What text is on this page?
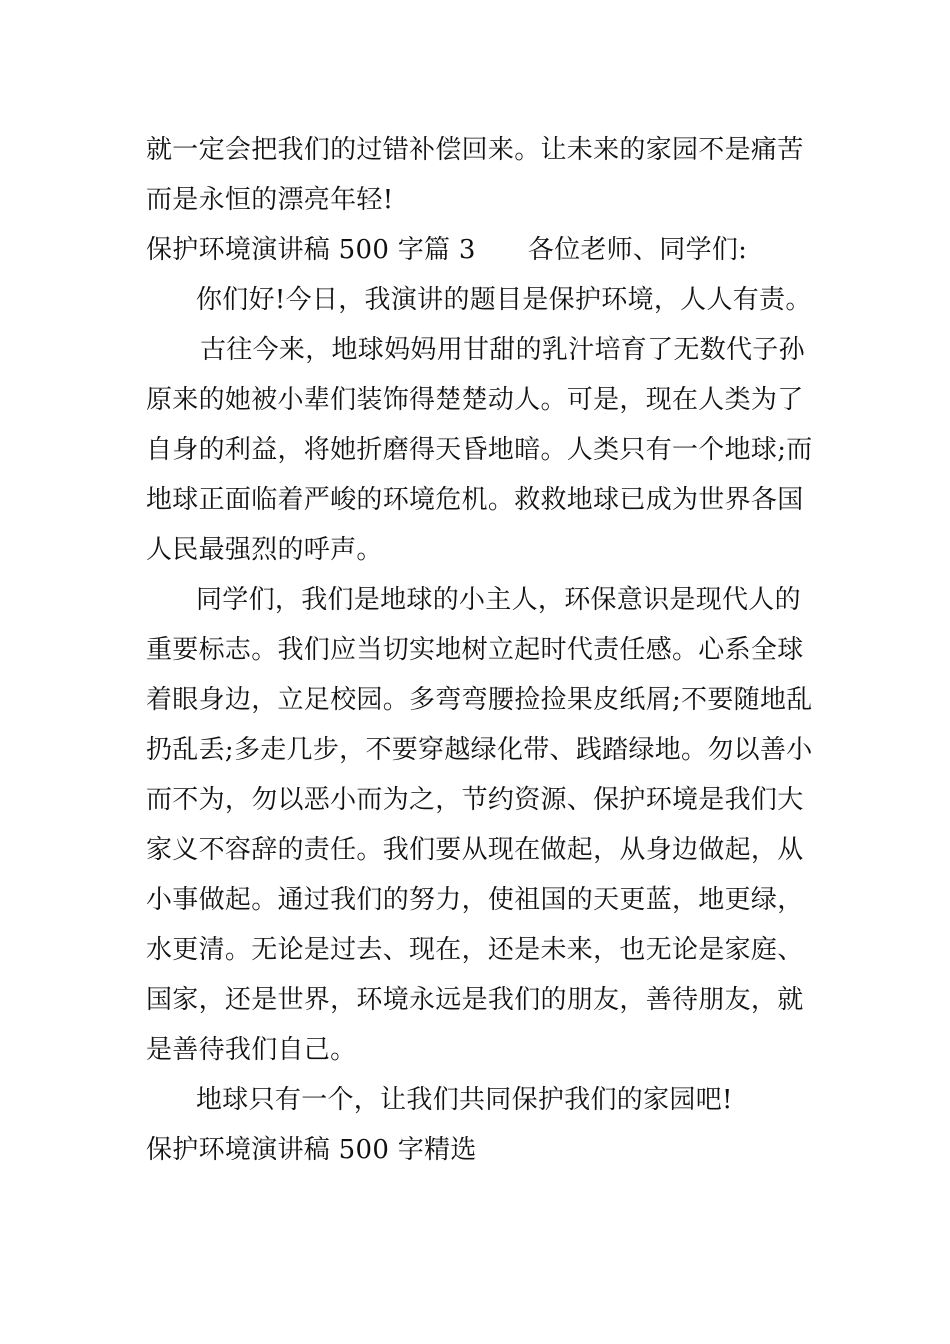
就一定会把我们的过错补偿回来。让未来的家园不是痛苦
而是永恒的漂亮年轻!
保护环境演讲稿 500 字篇 3 各位老师、同学们:
你们好!今日，我演讲的题目是保护环境，人人有责。
古往今来，地球妈妈用甘甜的乳汁培育了无数代子孙
原来的她被小辈们装饰得楚楚动人。可是，现在人类为了
自身的利益，将她折磨得天昏地暗。人类只有一个地球;而
地球正面临着严峻的环境危机。救救地球已成为世界各国
人民最强烈的呼声。
同学们，我们是地球的小主人，环保意识是现代人的
重要标志。我们应当切实地树立起时代责任感。心系全球
着眼身边，立足校园。多弯弯腰捡捡果皮纸屑;不要随地乱
扔乱丢;多走几步，不要穿越绿化带、践踏绿地。勿以善小
而不为，勿以恶小而为之，节约资源、保护环境是我们大
家义不容辞的责任。我们要从现在做起，从身边做起，从
小事做起。通过我们的努力，使祖国的天更蓝，地更绿，
水更清。无论是过去、现在，还是未来，也无论是家庭、
国家，还是世界，环境永远是我们的朋友，善待朋友，就
是善待我们自己。
地球只有一个，让我们共同保护我们的家园吧!
保护环境演讲稿 500 字精选
